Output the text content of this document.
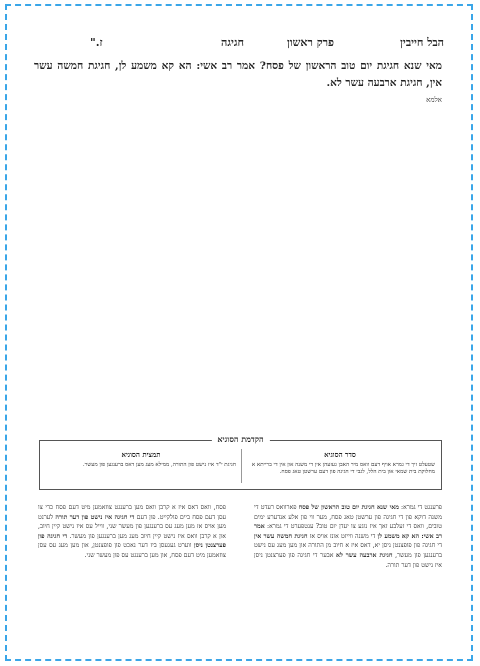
ז."	חגיגה	פרק ראשון	הבל חייבין
מאי שנא חגיגת יום טוב הראשון של פסח? אמר רב אשי: הא קא משמע לן, חגיגת חמשה עשר אין, חגיגת ארבעה עשר לא.
אלמא
הקדמת הסוגיא
סדר הסוגיא
שטעלט זיך די גמרא אויף דעם וואס מיר האבן געזעהן אין די משנה און אין די ברייתא א מחלוקת בית שמאי און בית הלל, לגבי די חגיגה פון דעם ערשטן טאג פסח.
תמצית הסוגיא
חגיגת י"ד איז נישט פון התורה, ממילא מעג מען דאס ברענגען פון מעשר.
פרענגט די גמרא: מאי שנא חגיגת יום טוב הראשון של פסח פארוואס רעדט די משנה דוקא פון די חגיגה פון ערשטן טאג פסח, מער ווי פון אלע אנדערע ימים טובים, וואס די זעלבע זאך איז נוגע צו יעדן יום טוב? ענטפערט די גמרא: אמר רב אשי: הא קא משמע לן די משנה ווייזט אונז אויס אז חגיגת חמשה עשר אין די חגיגה פון פופצנטן ניסן יא, דאס איז א חיוב מן התורה און מען מעג עס נישט ברענגען פון מעשר, חגיגת ארבעה עשר לא אבער די חגיגה פון פערצנטן ניסן איז נישט פון דער תורה.
פסח, וואס דאס איז א קרבן וואס מען ברענגט צוזאמען מיט דעם פסח כדי צו עסן דעם פסח ביים פולקייט. פון דעם די חגיגה איז נישט פון דער תורה לערנט מען אויס אז מען מעג עס ברענגען פון מעשר שני, ווייל עס איז נישט קיין חיוב, און א קרבן וואס איז נישט קיין חיוב מעג מען ברענגען פון מעשר. די חגיגה פון פערצנטן ניסן ווערט געגעסן ביז דער נאכט פון פופצנטן, און מען מעג עס עסן צוזאמען מיט דעם פסח, און מען ברענגט עס פון מעשר שני.
